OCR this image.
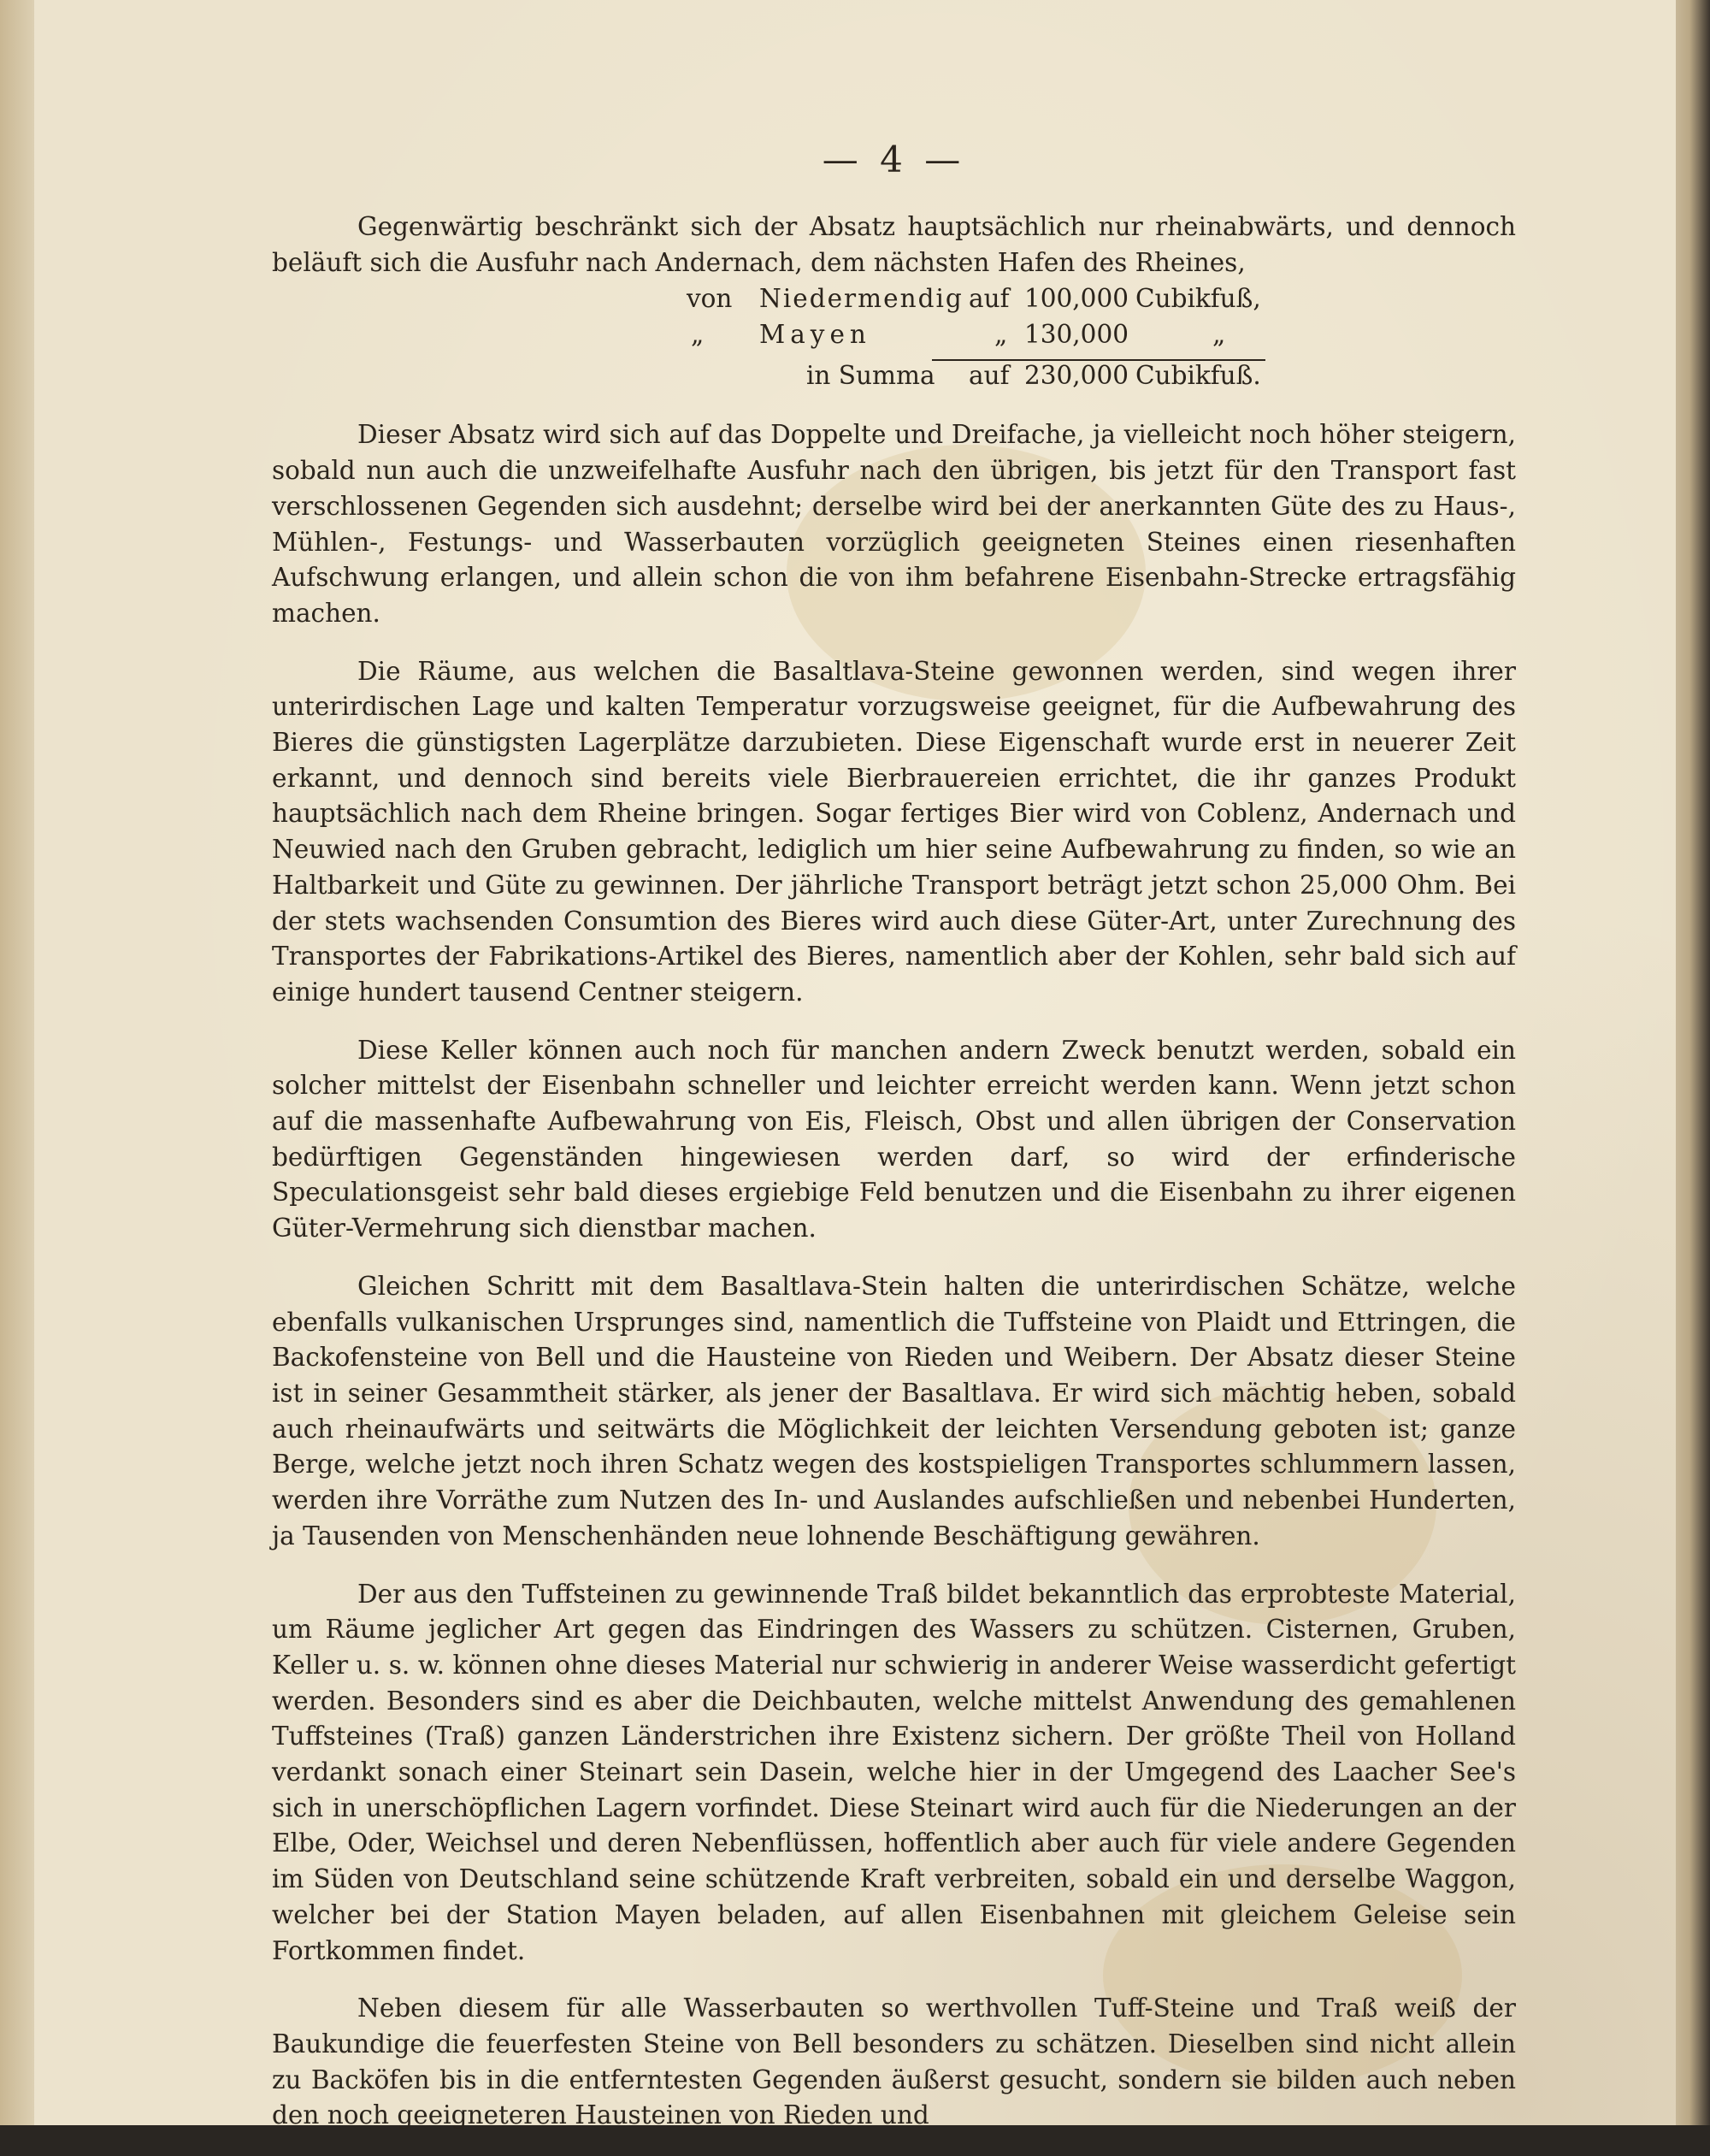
— 4 —

Gegenwärtig beschränkt sich der Absatz hauptsächlich nur rheinabwärts, und dennoch beläuft sich die Ausfuhr nach Andernach, dem nächsten Hafen des Rheines,

von Niedermendig auf 100,000 Cubikfuß,
„ Mayen	„ 130,000	„
in Summa auf 230,000 Cubikfuß.

Dieser Absatz wird sich auf das Doppelte und Dreifache, ja vielleicht noch höher steigern, sobald nun auch die unzweifelhafte Ausfuhr nach den übrigen, bis jetzt für den Transport fast verschlossenen Gegenden sich ausdehnt; derselbe wird bei der anerkannten Güte des zu Haus-, Mühlen-, Festungs- und Wasserbauten vorzüglich geeigneten Steines einen riesenhaften Aufschwung erlangen, und allein schon die von ihm befahrene Eisenbahn-Strecke ertragsfähig machen.

Die Räume, aus welchen die Basaltlava-Steine gewonnen werden, sind wegen ihrer unterirdischen Lage und kalten Temperatur vorzugsweise geeignet, für die Aufbewahrung des Bieres die günstigsten Lagerplätze darzubieten. Diese Eigenschaft wurde erst in neuerer Zeit erkannt, und dennoch sind bereits viele Bierbrauereien errichtet, die ihr ganzes Produkt hauptsächlich nach dem Rheine bringen. Sogar fertiges Bier wird von Coblenz, Andernach und Neuwied nach den Gruben gebracht, lediglich um hier seine Aufbewahrung zu finden, so wie an Haltbarkeit und Güte zu gewinnen. Der jährliche Transport beträgt jetzt schon 25,000 Ohm. Bei der stets wachsenden Consumtion des Bieres wird auch diese Güter-Art, unter Zurechnung des Transportes der Fabrikations-Artikel des Bieres, namentlich aber der Kohlen, sehr bald sich auf einige hundert tausend Centner steigern.

Diese Keller können auch noch für manchen andern Zweck benutzt werden, sobald ein solcher mittelst der Eisenbahn schneller und leichter erreicht werden kann. Wenn jetzt schon auf die massenhafte Aufbewahrung von Eis, Fleisch, Obst und allen übrigen der Conservation bedürftigen Gegenständen hingewiesen werden darf, so wird der erfinderische Speculationsgeist sehr bald dieses ergiebige Feld benutzen und die Eisenbahn zu ihrer eigenen Güter-Vermehrung sich dienstbar machen.

Gleichen Schritt mit dem Basaltlava-Stein halten die unterirdischen Schätze, welche ebenfalls vulkanischen Ursprunges sind, namentlich die Tuffsteine von Plaidt und Ettringen, die Backofensteine von Bell und die Hausteine von Rieden und Weibern. Der Absatz dieser Steine ist in seiner Gesammtheit stärker, als jener der Basaltlava. Er wird sich mächtig heben, sobald auch rheinaufwärts und seitwärts die Möglichkeit der leichten Versendung geboten ist; ganze Berge, welche jetzt noch ihren Schatz wegen des kostspieligen Transportes schlummern lassen, werden ihre Vorräthe zum Nutzen des In- und Auslandes aufschließen und nebenbei Hunderten, ja Tausenden von Menschenhänden neue lohnende Beschäftigung gewähren.

Der aus den Tuffsteinen zu gewinnende Traß bildet bekanntlich das erprobteste Material, um Räume jeglicher Art gegen das Eindringen des Wassers zu schützen. Cisternen, Gruben, Keller u. s. w. können ohne dieses Material nur schwierig in anderer Weise wasserdicht gefertigt werden. Besonders sind es aber die Deichbauten, welche mittelst Anwendung des gemahlenen Tuffsteines (Traß) ganzen Länderstrichen ihre Existenz sichern. Der größte Theil von Holland verdankt sonach einer Steinart sein Dasein, welche hier in der Umgegend des Laacher See's sich in unerschöpflichen Lagern vorfindet. Diese Steinart wird auch für die Niederungen an der Elbe, Oder, Weichsel und deren Nebenflüssen, hoffentlich aber auch für viele andere Gegenden im Süden von Deutschland seine schützende Kraft verbreiten, sobald ein und derselbe Waggon, welcher bei der Station Mayen beladen, auf allen Eisenbahnen mit gleichem Geleise sein Fortkommen findet.

Neben diesem für alle Wasserbauten so werthvollen Tuff-Steine und Traß weiß der Baukundige die feuerfesten Steine von Bell besonders zu schätzen. Dieselben sind nicht allein zu Backöfen bis in die entferntesten Gegenden äußerst gesucht, sondern sie bilden auch neben den noch geeigneteren Hausteinen von Rieden und
